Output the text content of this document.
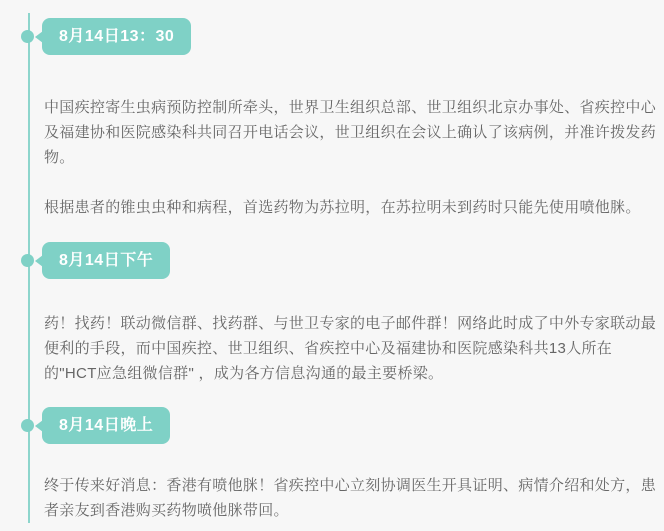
8月14日13：30

中国疾控寄生虫病预防控制所牵头，世界卫生组织总部、世卫组织北京办事处、省疾控中心及福建协和医院感染科共同召开电话会议，世卫组织在会议上确认了该病例，并准许拨发药物。

根据患者的锥虫虫种和病程，首选药物为苏拉明，在苏拉明未到药时只能先使用喷他脒。

8月14日下午

药！找药！联动微信群、找药群、与世卫专家的电子邮件群！网络此时成了中外专家联动最便利的手段，而中国疾控、世卫组织、省疾控中心及福建协和医院感染科共13人所在的"HCT应急组微信群" ，成为各方信息沟通的最主要桥梁。

8月14日晚上

终于传来好消息：香港有喷他脒！省疾控中心立刻协调医生开具证明、病情介绍和处方，患者亲友到香港购买药物喷他脒带回。
